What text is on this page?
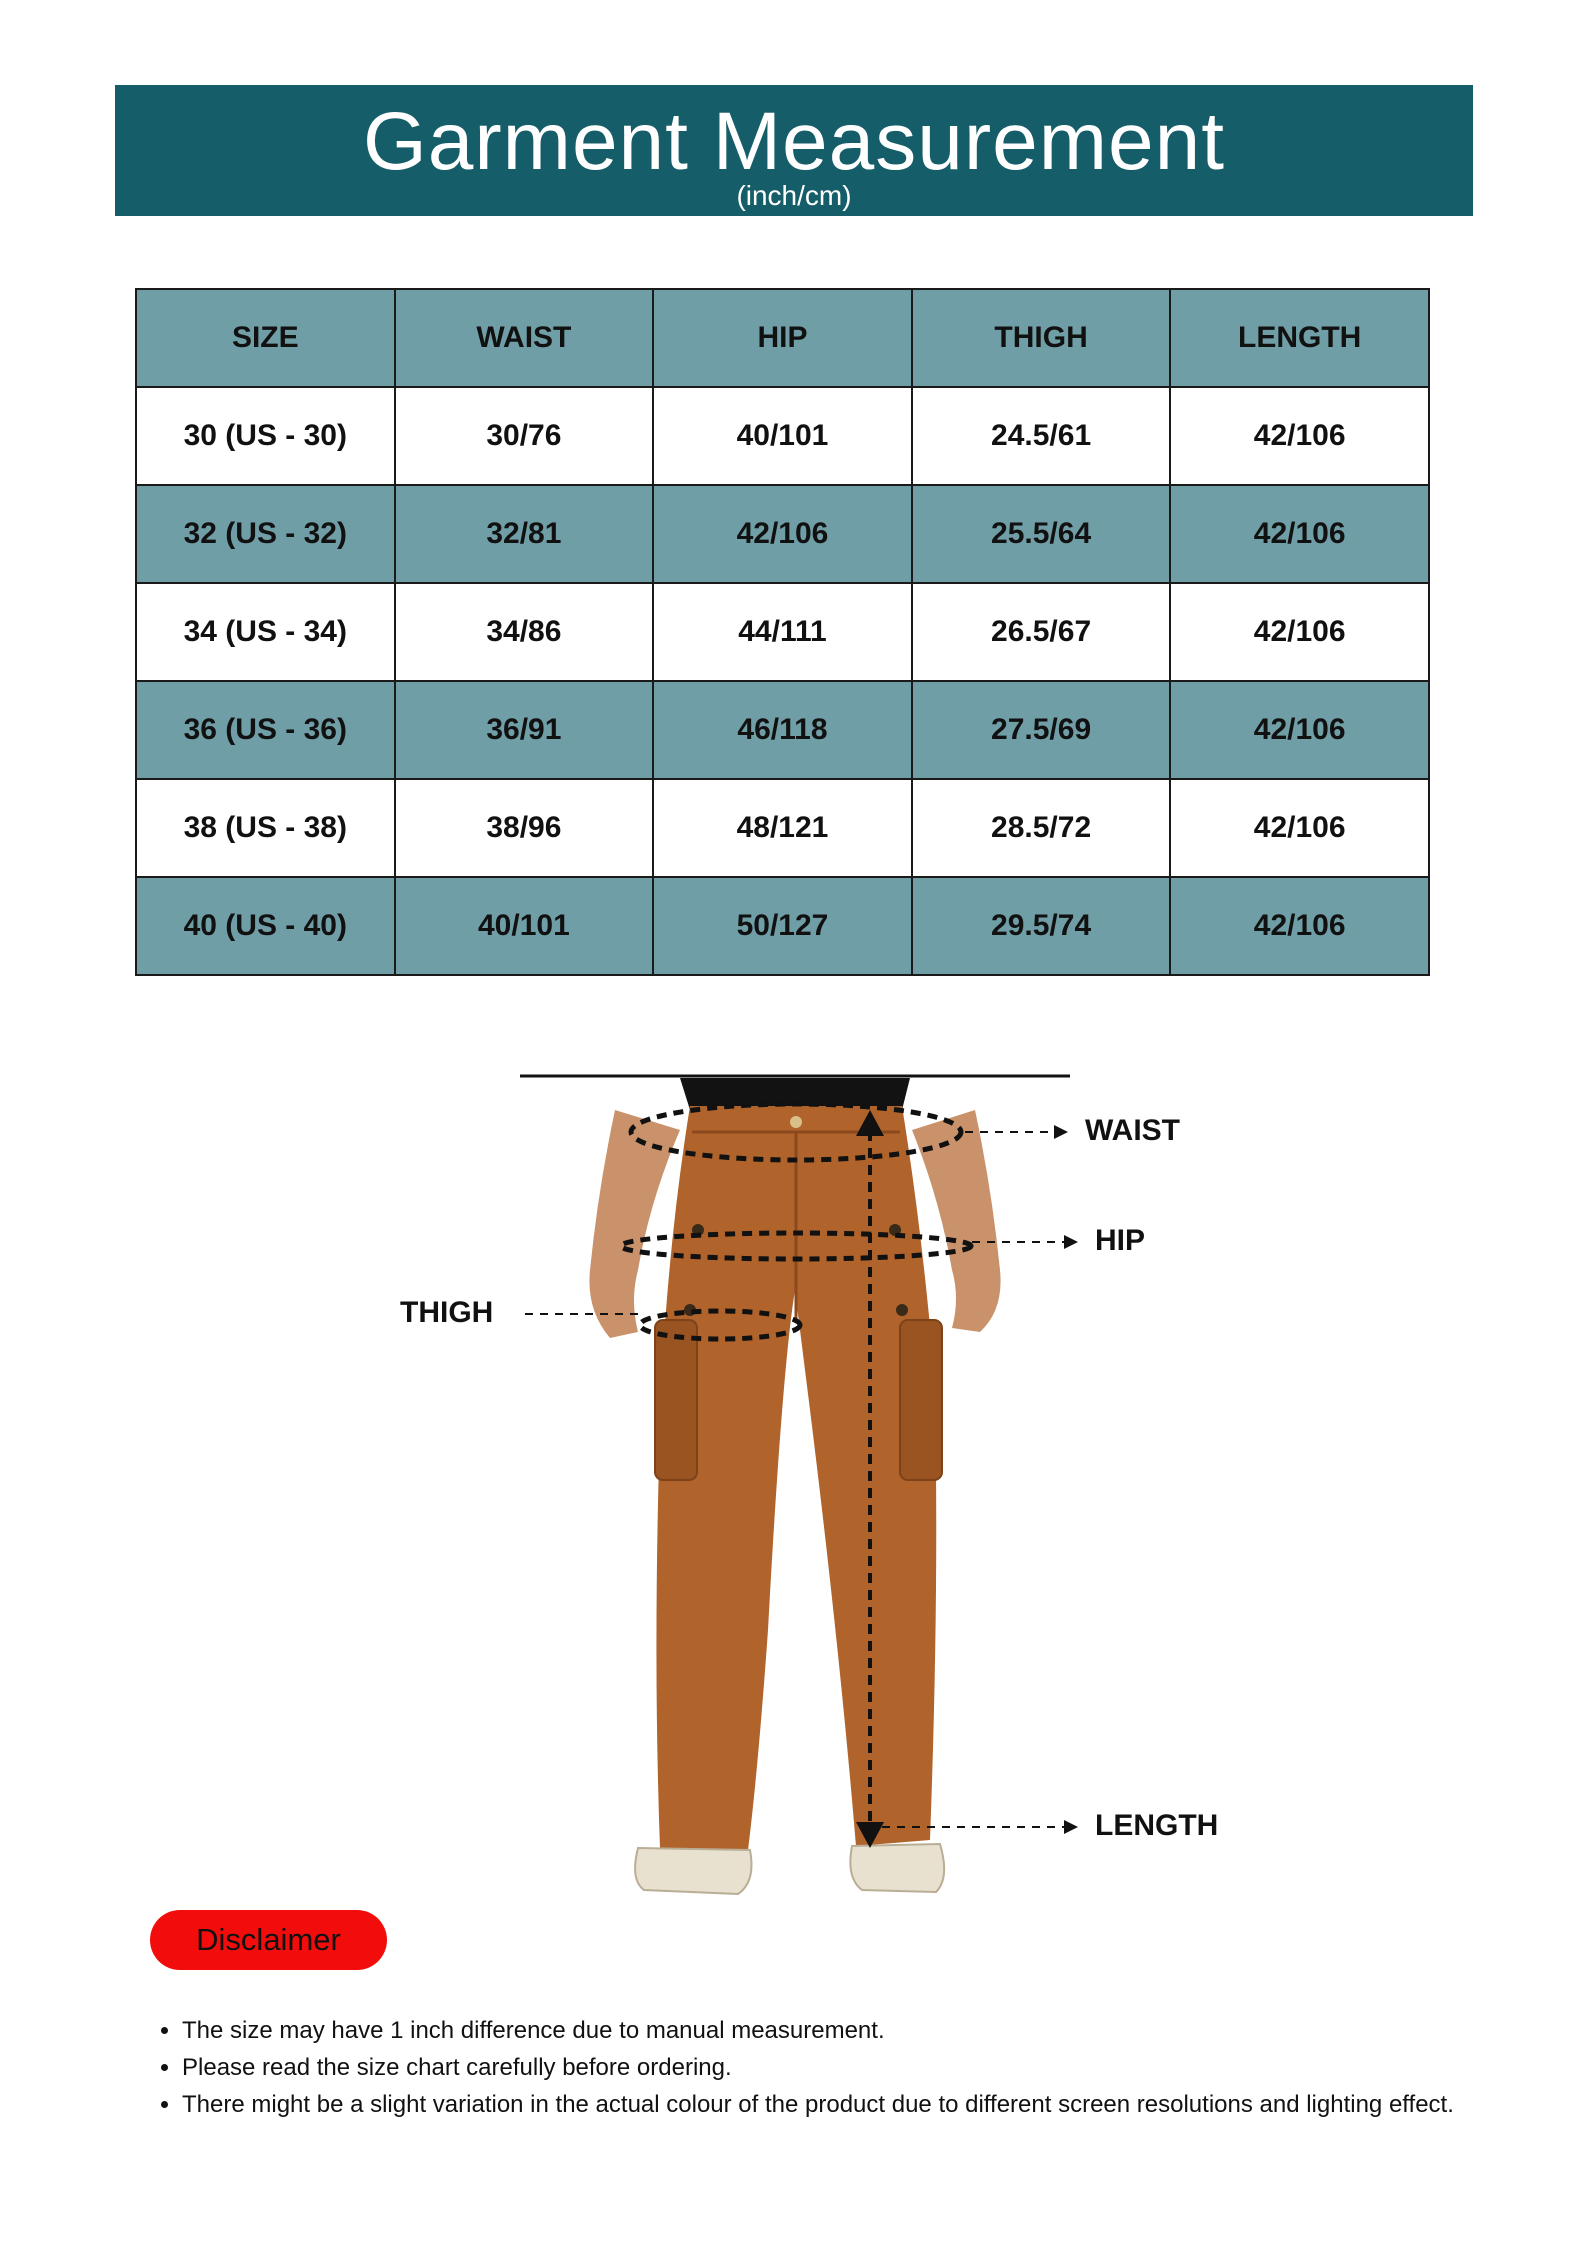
Garment Measurement
(inch/cm)
SIZE	WAIST	HIP	THIGH	LENGTH
30 (US - 30)	30/76	40/101	24.5/61	42/106
32 (US - 32)	32/81	42/106	25.5/64	42/106
34 (US - 34)	34/86	44/111	26.5/67	42/106
36 (US - 36)	36/91	46/118	27.5/69	42/106
38 (US - 38)	38/96	48/121	28.5/72	42/106
40 (US - 40)	40/101	50/127	29.5/74	42/106
WAIST
HIP
THIGH
LENGTH
Disclaimer
• The size may have 1 inch difference due to manual measurement.
• Please read the size chart carefully before ordering.
• There might be a slight variation in the actual colour of the product due to different screen resolutions and lighting effect.
